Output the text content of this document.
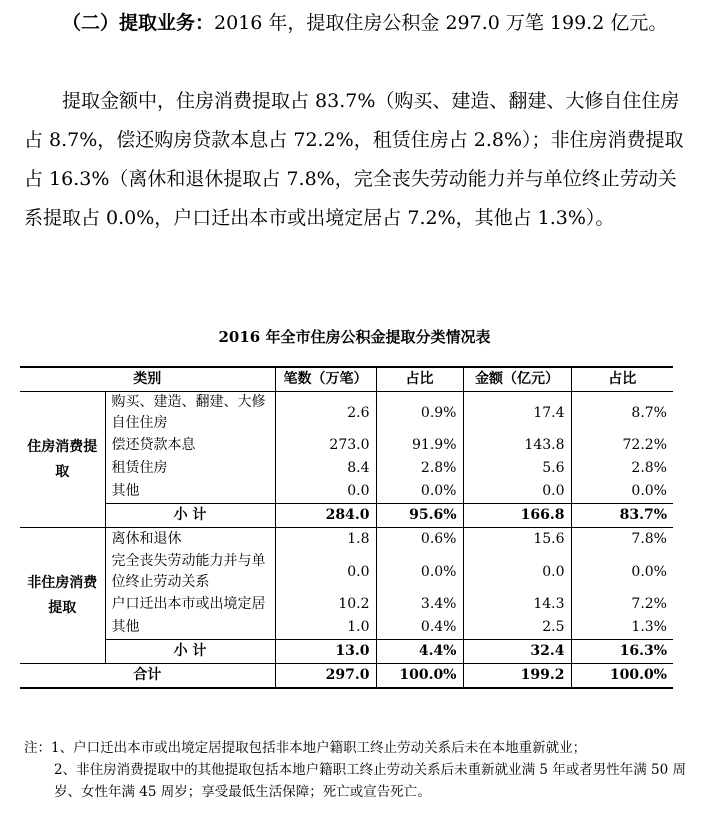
（二）提取业务：2016 年，提取住房公积金 297.0 万笔 199.2 亿元。
提取金额中，住房消费提取占 83.7%（购买、建造、翻建、大修自住住房占 8.7%，偿还购房贷款本息占 72.2%，租赁住房占 2.8%）；非住房消费提取占 16.3%（离休和退休提取占 7.8%，完全丧失劳动能力并与单位终止劳动关系提取占 0.0%，户口迁出本市或出境定居占 7.2%，其他占 1.3%）。
2016 年全市住房公积金提取分类情况表
类别		笔数（万笔）	占比	金额（亿元）	占比
住房消费提取	购买、建造、翻建、大修自住住房	2.6	0.9%	17.4	8.7%
	偿还贷款本息	273.0	91.9%	143.8	72.2%
	租赁住房	8.4	2.8%	5.6	2.8%
	其他	0.0	0.0%	0.0	0.0%
	小 计	284.0	95.6%	166.8	83.7%
非住房消费提取	离休和退休	1.8	0.6%	15.6	7.8%
	完全丧失劳动能力并与单位终止劳动关系	0.0	0.0%	0.0	0.0%
	户口迁出本市或出境定居	10.2	3.4%	14.3	7.2%
	其他	1.0	0.4%	2.5	1.3%
	小 计	13.0	4.4%	32.4	16.3%
合计		297.0	100.0%	199.2	100.0%
注：1、户口迁出本市或出境定居提取包括非本地户籍职工终止劳动关系后未在本地重新就业；
2、非住房消费提取中的其他提取包括本地户籍职工终止劳动关系后未重新就业满 5 年或者男性年满 50 周岁、女性年满 45 周岁；享受最低生活保障；死亡或宣告死亡。
